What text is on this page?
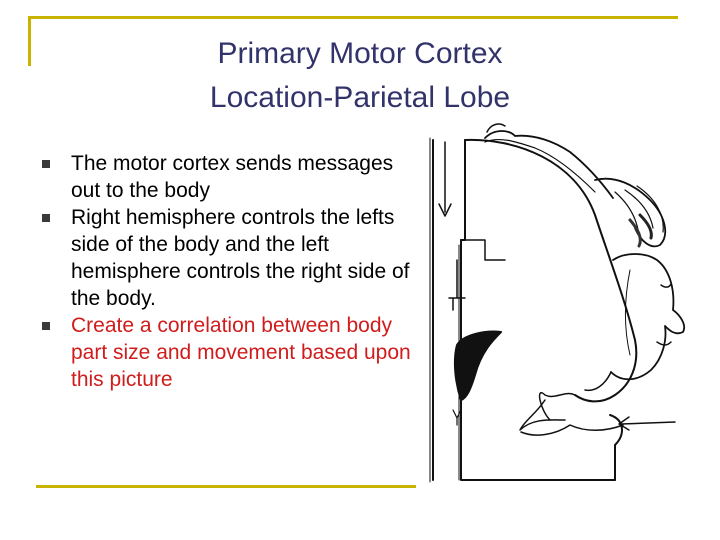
Primary Motor Cortex
Location-Parietal Lobe
The motor cortex sends messages out to the body
Right hemisphere controls the lefts side of the body and the left hemisphere controls the right side of the body.
Create a correlation between body part size and movement based upon this picture
